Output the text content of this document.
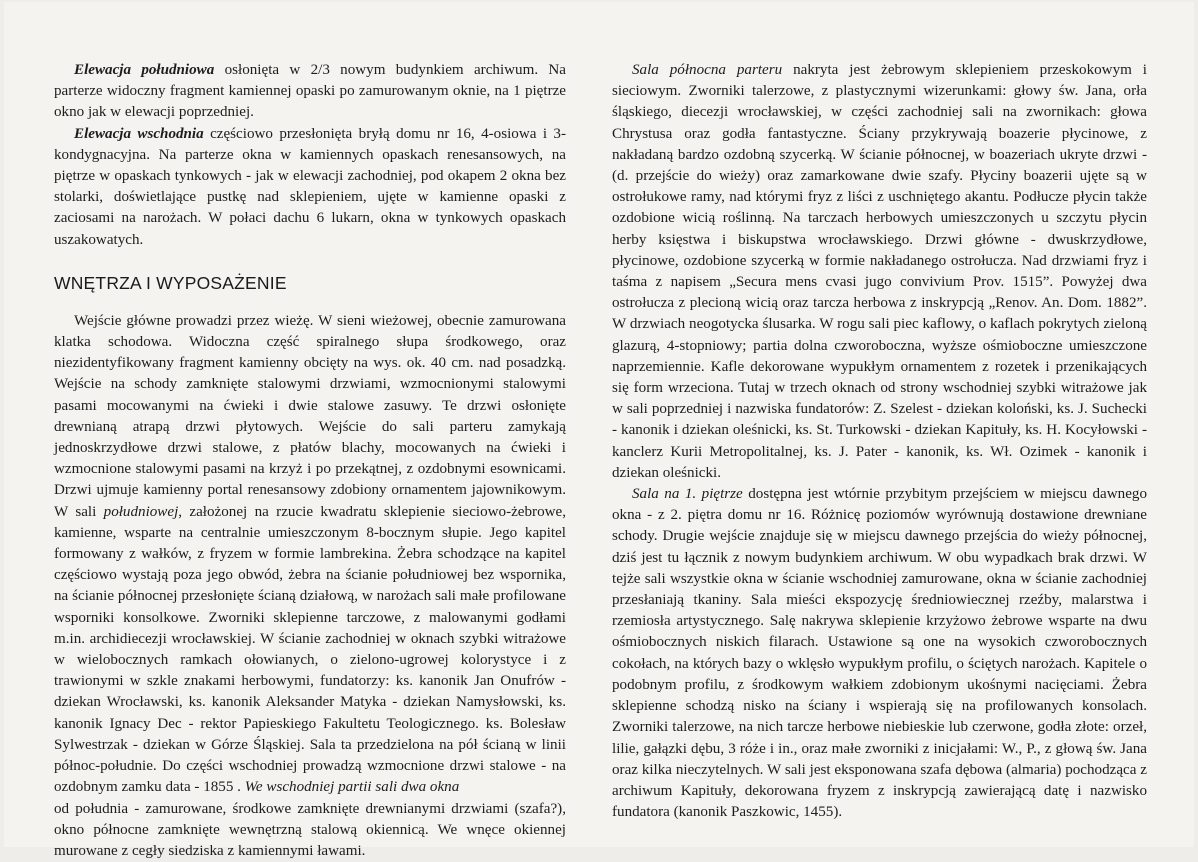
Elewacja południowa osłonięta w 2/3 nowym budynkiem archiwum. Na parterze widoczny fragment kamiennej opaski po zamurowanym oknie, na 1 piętrze okno jak w elewacji poprzedniej.

Elewacja wschodnia częściowo przesłonięta bryłą domu nr 16, 4-osiowa i 3-kondygnacyjna. Na parterze okna w kamiennych opaskach renesansowych, na piętrze w opaskach tynkowych - jak w elewacji zachodniej, pod okapem 2 okna bez stolarki, doświetlające pustkę nad sklepieniem, ujęte w kamienne opaski z zaciosami na narożach. W połaci dachu 6 lukarn, okna w tynkowych opaskach uszakowatych.

WNĘTRZA I WYPOSAŻENIE

Wejście główne prowadzi przez wieżę. W sieni wieżowej, obecnie zamurowana klatka schodowa. Widoczna część spiralnego słupa środkowego, oraz niezidentyfikowany fragment kamienny obcięty na wys. ok. 40 cm. nad posadzką. Wejście na schody zamknięte stalowymi drzwiami, wzmocnionymi stalowymi pasami mocowanymi na ćwieki i dwie stalowe zasuwy. Te drzwi osłonięte drewnianą atrapą drzwi płytowych. Wejście do sali parteru zamykają jednoskrzydłowe drzwi stalowe, z płatów blachy, mocowanych na ćwieki i wzmocnione stalowymi pasami na krzyż i po przekątnej, z ozdobnymi esownicami. Drzwi ujmuje kamienny portal renesansowy zdobiony ornamentem jajownikowym. W sali południowej, założonej na rzucie kwadratu sklepienie sieciowo-żebrowe, kamienne, wsparte na centralnie umieszczonym 8-bocznym słupie. Jego kapitel formowany z wałków, z fryzem w formie lambrekina. Żebra schodzące na kapitel częściowo wystają poza jego obwód, żebra na ścianie południowej bez wspornika, na ścianie północnej przesłonięte ścianą działową, w narożach sali małe profilowane wsporniki konsolkowe. Zworniki sklepienne tarczowe, z malowanymi godłami m.in. archidiecezji wrocławskiej. W ścianie zachodniej w oknach szybki witrażowe w wielobocznych ramkach ołowianych, o zielono-ugrowej kolorystyce i z trawionymi w szkle znakami herbowymi, fundatorzy: ks. kanonik Jan Onufrów - dziekan Wrocławski, ks. kanonik Aleksander Matyka - dziekan Namysłowski, ks. kanonik Ignacy Dec - rektor Papieskiego Fakultetu Teologicznego. ks. Bolesław Sylwestrzak - dziekan w Górze Śląskiej. Sala ta przedzielona na pół ścianą w linii północ-południe. Do części wschodniej prowadzą wzmocnione drzwi stalowe - na ozdobnym zamku data - 1855 . We wschodniej partii sali dwa okna

od południa - zamurowane, środkowe zamknięte drewnianymi drzwiami (szafa?), okno północne zamknięte wewnętrzną stalową okiennicą. We wnęce okiennej murowane z cegły siedziska z kamiennymi ławami.

Sala północna parteru nakryta jest żebrowym sklepieniem przeskokowym i sieciowym. Zworniki talerzowe, z plastycznymi wizerunkami: głowy św. Jana, orła śląskiego, diecezji wrocławskiej, w części zachodniej sali na zwornikach: głowa Chrystusa oraz godła fantastyczne. Ściany przykrywają boazerie płycinowe, z nakładaną bardzo ozdobną szycerką. W ścianie północnej, w boazeriach ukryte drzwi - (d. przejście do wieży) oraz zamarkowane dwie szafy. Płyciny boazerii ujęte są w ostrołukowe ramy, nad którymi fryz z liści z uschniętego akantu. Podłucze płycin także ozdobione wicią roślinną. Na tarczach herbowych umieszczonych u szczytu płycin herby księstwa i biskupstwa wrocławskiego. Drzwi główne - dwuskrzydłowe, płycinowe, ozdobione szycerką w formie nakładanego ostrołucza. Nad drzwiami fryz i taśma z napisem „Secura mens cvasi jugo convivium Prov. 1515”. Powyżej dwa ostrołucza z plecioną wicią oraz tarcza herbowa z inskrypcją „Renov. An. Dom. 1882”. W drzwiach neogotycka ślusarka. W rogu sali piec kaflowy, o kaflach pokrytych zieloną glazurą, 4-stopniowy; partia dolna czworoboczna, wyższe ośmioboczne umieszczone naprzemiennie. Kafle dekorowane wypukłym ornamentem z rozetek i przenikających się form wrzeciona. Tutaj w trzech oknach od strony wschodniej szybki witrażowe jak w sali poprzedniej i nazwiska fundatorów: Z. Szelest - dziekan koloński, ks. J. Suchecki - kanonik i dziekan oleśnicki, ks. St. Turkowski - dziekan Kapituły, ks. H. Kocyłowski - kanclerz Kurii Metropolitalnej, ks. J. Pater - kanonik, ks. Wł. Ozimek - kanonik i dziekan oleśnicki.

Sala na 1. piętrze dostępna jest wtórnie przybitym przejściem w miejscu dawnego okna - z 2. piętra domu nr 16. Różnicę poziomów wyrównują dostawione drewniane schody. Drugie wejście znajduje się w miejscu dawnego przejścia do wieży północnej, dziś jest tu łącznik z nowym budynkiem archiwum. W obu wypadkach brak drzwi. W tejże sali wszystkie okna w ścianie wschodniej zamurowane, okna w ścianie zachodniej przesłaniają tkaniny. Sala mieści ekspozycję średniowiecznej rzeźby, malarstwa i rzemiosła artystycznego. Salę nakrywa sklepienie krzyżowo żebrowe wsparte na dwu ośmiobocznych niskich filarach. Ustawione są one na wysokich czworobocznych cokołach, na których bazy o wklęsło wypukłym profilu, o ściętych narożach. Kapitele o podobnym profilu, z środkowym wałkiem zdobionym ukośnymi nacięciami. Żebra sklepienne schodzą nisko na ściany i wspierają się na profilowanych konsolach. Zworniki talerzowe, na nich tarcze herbowe niebieskie lub czerwone, godła złote: orzeł, lilie, gałązki dębu, 3 róże i in., oraz małe zworniki z inicjałami: W., P., z głową św. Jana oraz kilka nieczytelnych. W sali jest eksponowana szafa dębowa (almaria) pochodząca z archiwum Kapituły, dekorowana fryzem z inskrypcją zawierającą datę i nazwisko fundatora (kanonik Paszkowic, 1455).
